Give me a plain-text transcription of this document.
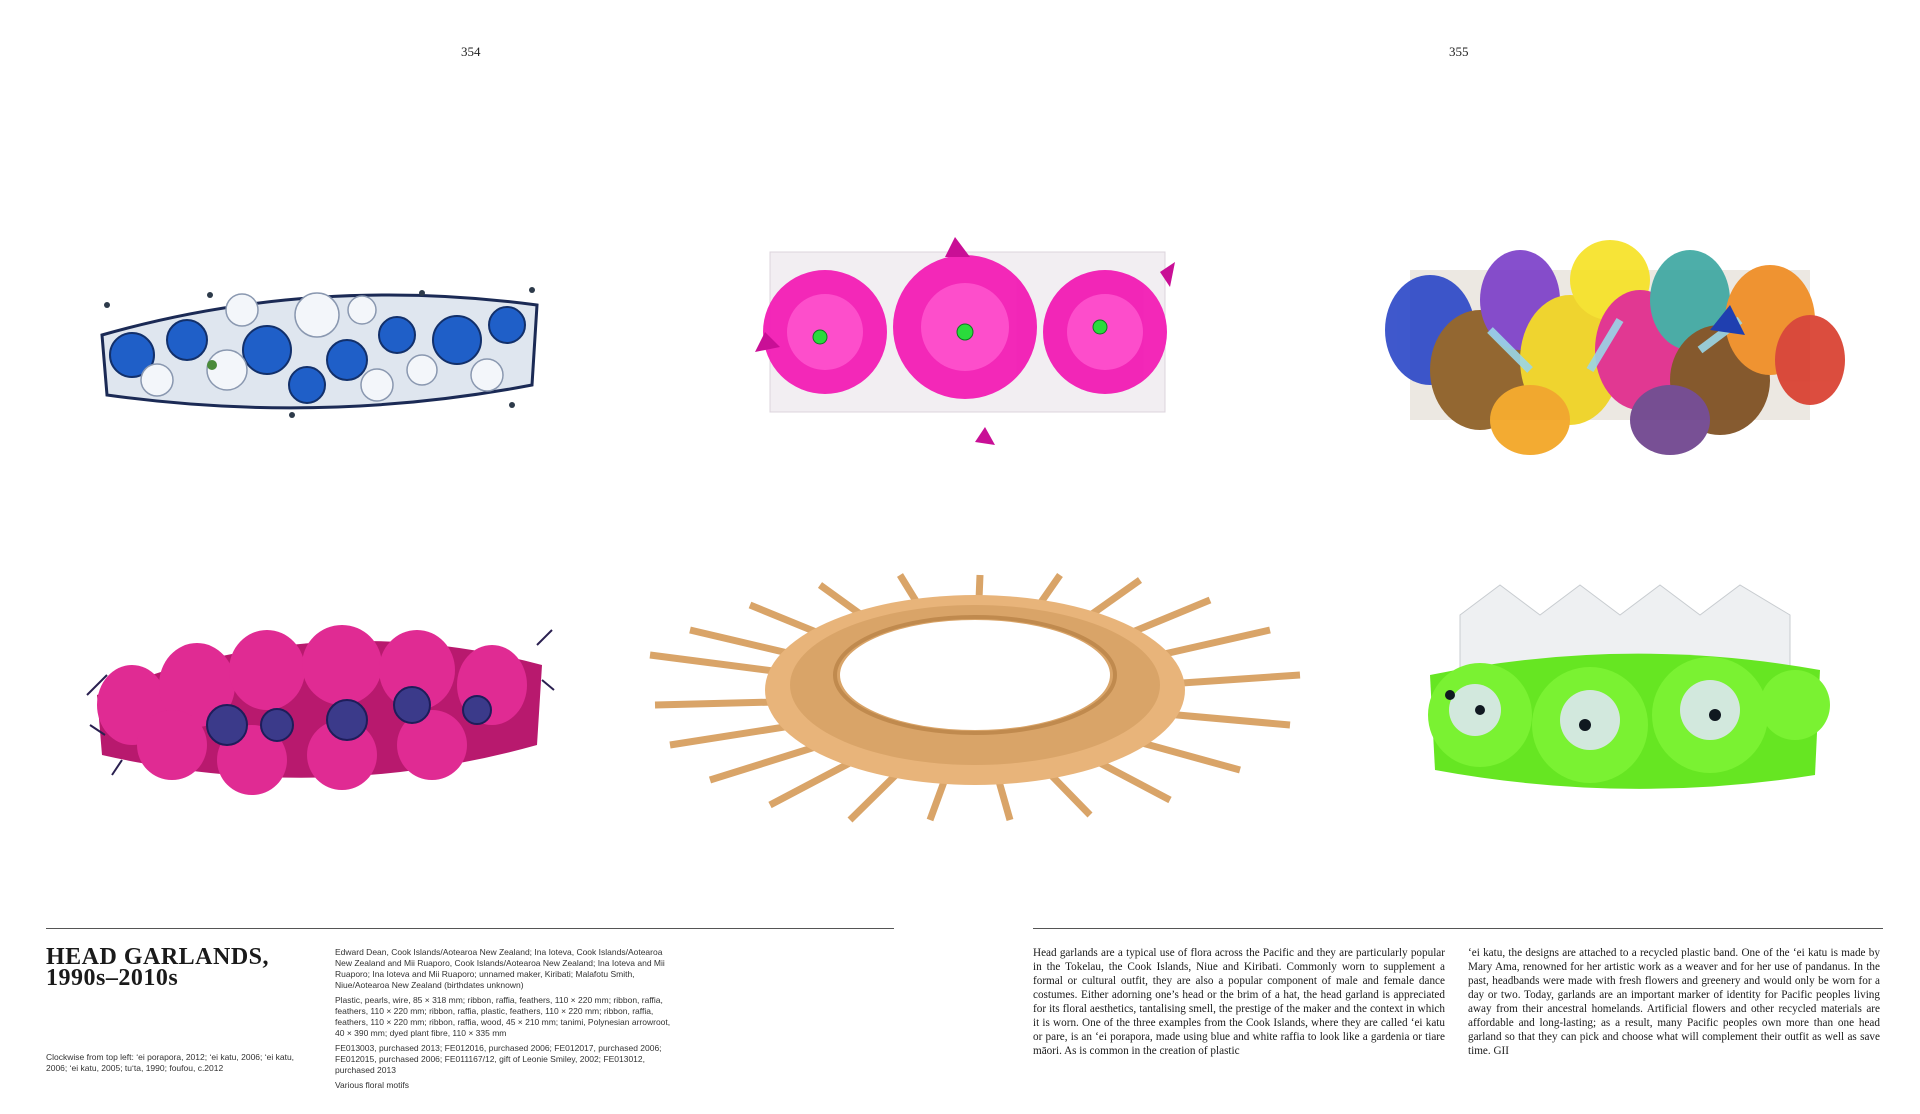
354	355
HEAD GARLANDS,
1990s–2010s
Clockwise from top left: ʻei porapora, 2012; ʻei katu, 2006; ʻei katu, 2006; ʻei katu, 2005; tuʻta, 1990; foufou, c.2012

Edward Dean, Cook Islands/Aotearoa New Zealand; Ina Ioteva, Cook Islands/Aotearoa New Zealand and Mii Ruaporo, Cook Islands/Aotearoa New Zealand; Ina Ioteva and Mii Ruaporo; Ina Ioteva and Mii Ruaporo; unnamed maker, Kiribati; Malafotu Smith, Niue/Aotearoa New Zealand (birthdates unknown)

Plastic, pearls, wire, 85 × 318 mm; ribbon, raffia, feathers, 110 × 220 mm; ribbon, raffia, feathers, 110 × 220 mm; ribbon, raffia, plastic, feathers, 110 × 220 mm; ribbon, raffia, feathers, 110 × 220 mm; ribbon, raffia, wood, 45 × 210 mm; tanimi, Polynesian arrowroot, 40 × 390 mm; dyed plant fibre, 110 × 335 mm

FE013003, purchased 2013; FE012016, purchased 2006; FE012017, purchased 2006; FE012015, purchased 2006; FE011167/12, gift of Leonie Smiley, 2002; FE013012, purchased 2013

Various floral motifs

Head garlands are a typical use of flora across the Pacific and they are particularly popular in the Tokelau, the Cook Islands, Niue and Kiribati. Commonly worn to supplement a formal or cultural outfit, they are also a popular component of male and female dance costumes. Either adorning one’s head or the brim of a hat, the head garland is appreciated for its floral aesthetics, tantalising smell, the prestige of the maker and the context in which it is worn. One of the three examples from the Cook Islands, where they are called ʻei katu or pare, is an ʻei porapora, made using blue and white raffia to look like a gardenia or tiare māori. As is common in the creation of plastic

ʻei katu, the designs are attached to a recycled plastic band. One of the ʻei katu is made by Mary Ama, renowned for her artistic work as a weaver and for her use of pandanus. In the past, headbands were made with fresh flowers and greenery and would only be worn for a day or two. Today, garlands are an important marker of identity for Pacific peoples living away from their ancestral homelands. Artificial flowers and other recycled materials are affordable and long-lasting; as a result, many Pacific peoples own more than one head garland so that they can pick and choose what will complement their outfit as well as save time. GII
